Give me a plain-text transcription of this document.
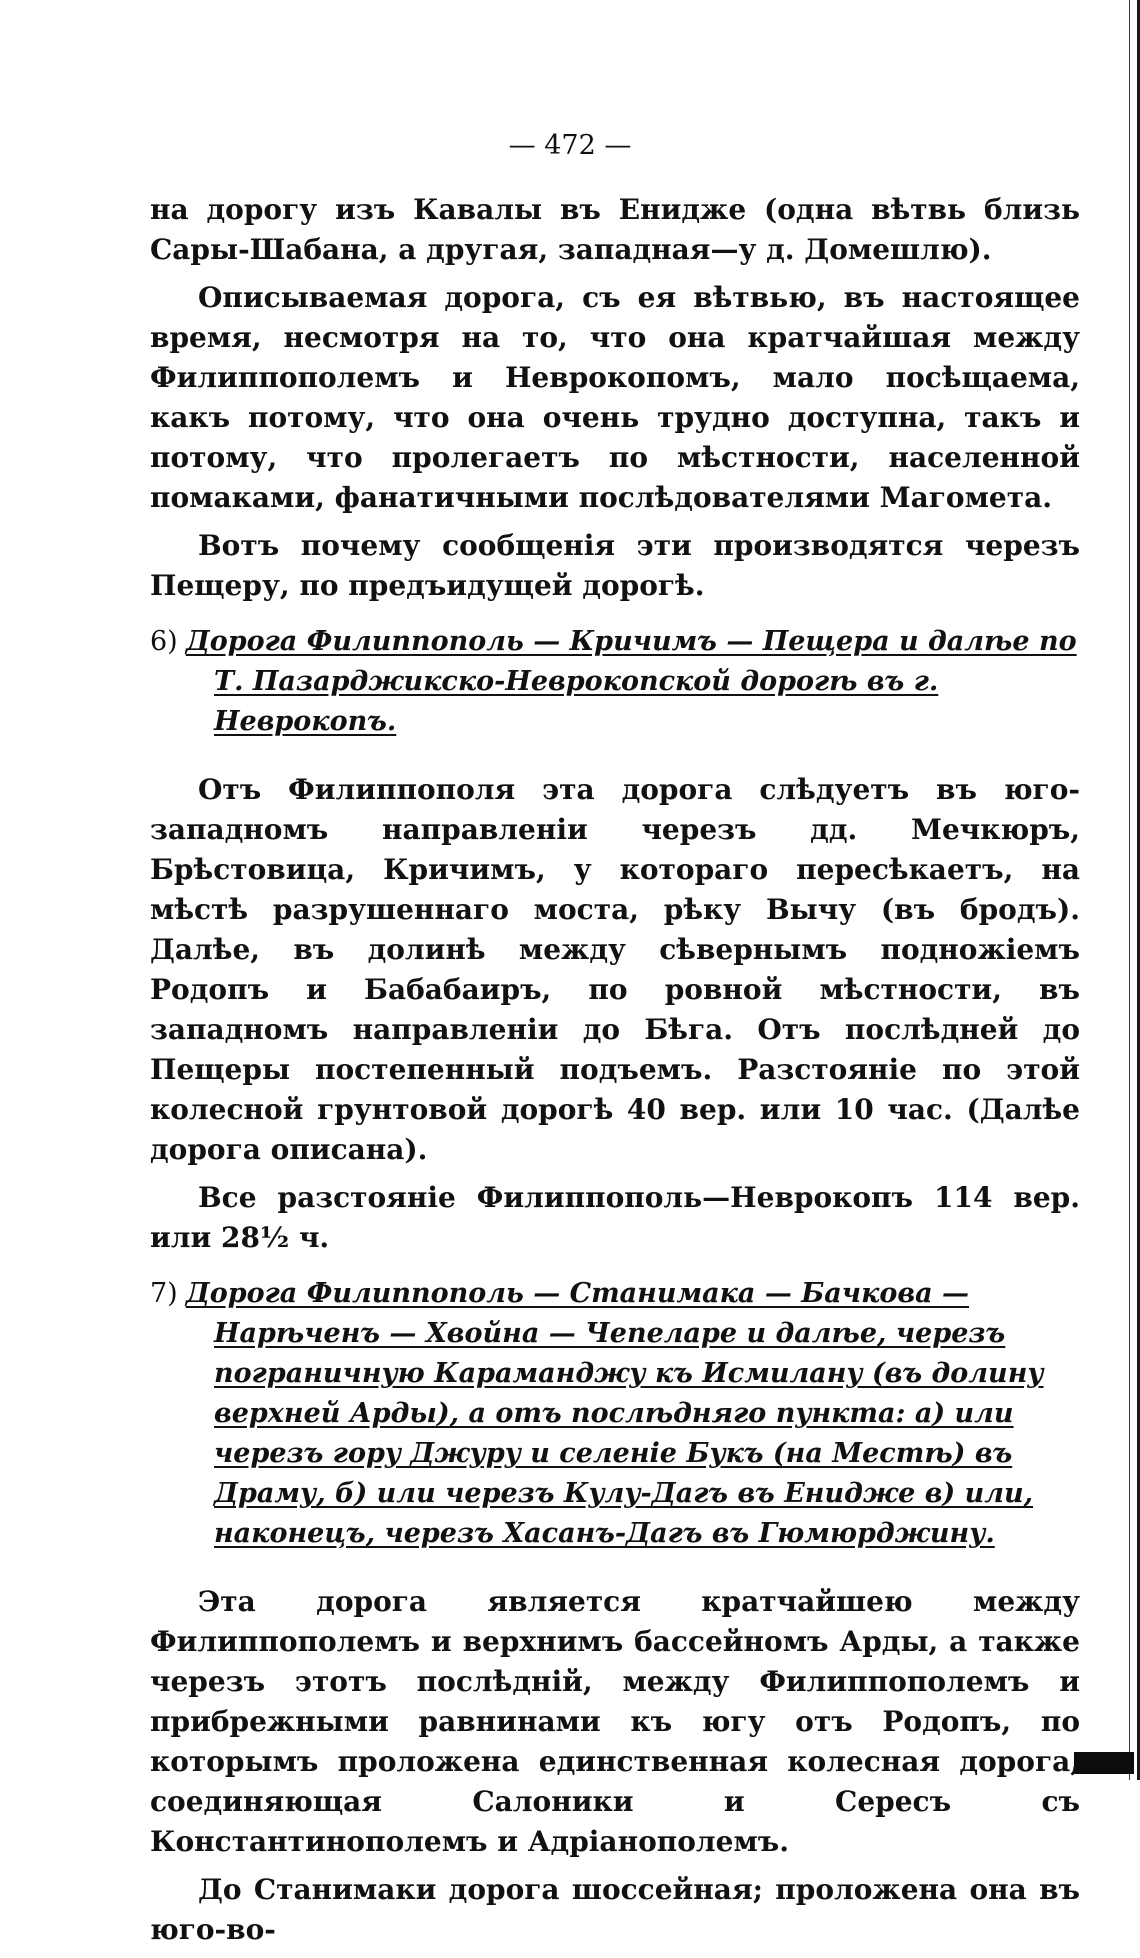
— 472 —

на дорогу изъ Кавалы въ Ениджe (одна вѣтвь близь Сары-Шабана, а другая, западная—у д. Домешлю).

Описываемая дорога, съ ея вѣтвью, въ настоящее время, несмотря на то, что она кратчайшая между Филиппополемъ и Неврокопомъ, мало посѣщаема, какъ потому, что она очень трудно доступна, такъ и потому, что пролегаетъ по мѣстности, населенной помаками, фанатичными послѣдователями Магомета.

Вотъ почему сообщенія эти производятся черезъ Пещеру, по предъидущей дорогѣ.

6) Дорога Филиппополь — Кричимъ — Пещера и далѣе по Т. Пазарджикско-Неврокопской дорогѣ въ г. Неврокопъ.

Отъ Филиппополя эта дорога слѣдуетъ въ юго-западномъ направленіи черезъ дд. Мечкюръ, Брѣстовица, Кричимъ, у котораго пересѣкаетъ, на мѣстѣ разрушеннаго моста, рѣку Вычу (въ бродъ). Далѣе, въ долинѣ между сѣвернымъ подножіемъ Родопъ и Бабабаиръ, по ровной мѣстности, въ западномъ направленіи до Бѣга. Отъ послѣдней до Пещеры постепенный подъемъ. Разстояніе по этой колесной грунтовой дорогѣ 40 вер. или 10 час. (Далѣе дорога описана).

Все разстояніе Филиппополь—Неврокопъ 114 вер. или 28½ ч.

7) Дорога Филиппополь — Станимака — Бачкова — Нарѣченъ — Хвойна — Чепеларе и далѣе, черезъ пограничную Караманджу къ Исмилану (въ долину верхней Арды), а отъ послѣдняго пункта: а) или черезъ гору Джуру и селеніе Букъ (на Местѣ) въ Драму, б) или черезъ Кулу-Дагъ въ Ениджe в) или, наконецъ, черезъ Хасанъ-Дагъ въ Гюмюрджину.

Эта дорога является кратчайшею между Филиппополемъ и верхнимъ бассейномъ Арды, а также черезъ этотъ послѣдній, между Филиппополемъ и прибрежными равнинами къ югу отъ Родопъ, по которымъ проложена единственная колесная дорога, соединяющая Салоники и Сересъ съ Константинополемъ и Адріанополемъ.

До Станимаки дорога шоссейная; проложена она въ юго-во-
